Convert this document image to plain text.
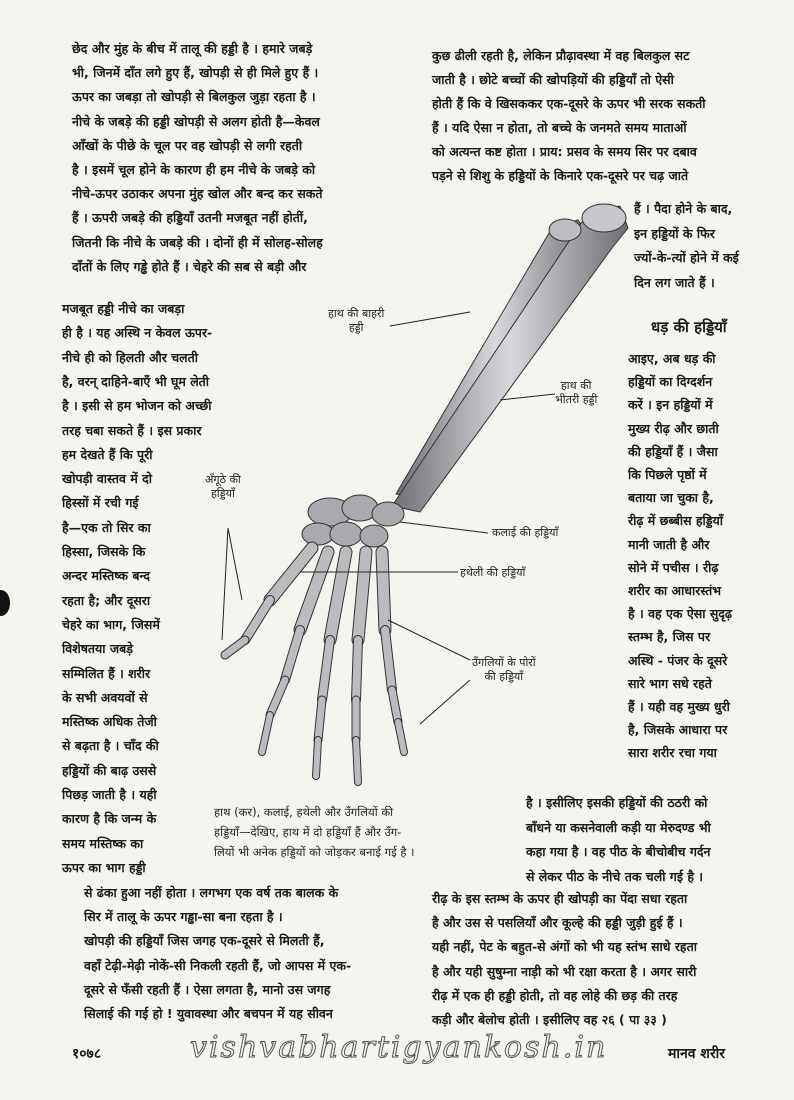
छेद और मुंह के बीच में तालू की हड्डी है । हमारे जबड़े
भी, जिनमें दाँत लगे हुए हैं, खोपड़ी से ही मिले हुए हैं ।
ऊपर का जबड़ा तो खोपड़ी से बिलकुल जुड़ा रहता है ।
नीचे के जबड़े की हड्डी खोपड़ी से अलग होती है—केवल
आँखों के पीछे के चूल पर वह खोपड़ी से लगी रहती
है । इसमें चूल होने के कारण ही हम नीचे के जबड़े को
नीचे-ऊपर उठाकर अपना मुंह खोल और बन्द कर सकते
हैं । ऊपरी जबड़े की हड्डियाँ उतनी मजबूत नहीं होतीं,
जितनी कि नीचे के जबड़े की । दोनों ही में सोलह-सोलह
दाँतों के लिए गड्ढे होते हैं । चेहरे की सब से बड़ी और
मजबूत हड्डी नीचे का जबड़ा
ही है । यह अस्थि न केवल ऊपर-
नीचे ही को हिलती और चलती
है, वरन् दाहिने-बाएँ भी घूम लेती
है । इसी से हम भोजन को अच्छी
तरह चबा सकते हैं । इस प्रकार
हम देखते हैं कि पूरी
खोपड़ी वास्तव में दो
हिस्सों में रची गई
है—एक तो सिर का
हिस्सा, जिसके कि
अन्दर मस्तिष्क बन्द
रहता है; और दूसरा
चेहरे का भाग, जिसमें
विशेषतया जबड़े
सम्मिलित हैं । शरीर
के सभी अवयवों से
मस्तिष्क अधिक तेजी
से बढ़ता है । चाँद की
हड्डियों की बाढ़ उससे
पिछड़ जाती है । यही
कारण है कि जन्म के
समय मस्तिष्क का
ऊपर का भाग हड्डी
से ढंका हुआ नहीं होता । लगभग एक वर्ष तक बालक के
सिर में तालू के ऊपर गड्ढा-सा बना रहता है ।
खोपड़ी की हड्डियाँ जिस जगह एक-दूसरे से मिलती हैं,
वहाँ टेढ़ी-मेढ़ी नोकें-सी निकली रहती हैं, जो आपस में एक-
दूसरे से फँसी रहती हैं । ऐसा लगता है, मानो उस जगह
सिलाई की गई हो ! युवावस्था और बचपन में यह सीवन
कुछ ढीली रहती है, लेकिन प्रौढ़ावस्था में वह बिलकुल सट
जाती है । छोटे बच्चों की खोपड़ियों की हड्डियाँ तो ऐसी
होती हैं कि वे खिसककर एक-दूसरे के ऊपर भी सरक सकती
हैं । यदि ऐसा न होता, तो बच्चे के जनमते समय माताओं
को अत्यन्त कष्ट होता । प्राय: प्रसव के समय सिर पर दबाव
पड़ने से शिशु के हड्डियों के किनारे एक-दूसरे पर चढ़ जाते
हैं । पैदा होने के बाद,
इन हड्डियों के फिर
ज्यों-के-त्यों होने में कई
दिन लग जाते हैं ।
धड़ की हड्डियाँ
आइए, अब धड़ की
हड्डियों का दिग्दर्शन
करें । इन हड्डियों में
मुख्य रीढ़ और छाती
की हड्डियाँ हैं । जैसा
कि पिछले पृष्ठों में
बताया जा चुका है,
रीढ़ में छब्बीस हड्डियाँ
मानी जाती है और
सोने में पचीस । रीढ़
शरीर का आधारस्तंभ
है । वह एक ऐसा सुदृढ़
स्तम्भ है, जिस पर
अस्थि - पंजर के दूसरे
सारे भाग सधे रहते
हैं । यही वह मुख्य धुरी
है, जिसके आधारा पर
सारा शरीर रचा गया
है । इसीलिए इसकी हड्डियों की ठठरी को
बाँधने या कसनेवाली कड़ी या मेरुदण्ड भी
कहा गया है । वह पीठ के बीचोबीच गर्दन
से लेकर पीठ के नीचे तक चली गई है ।
रीढ़ के इस स्तम्भ के ऊपर ही खोपड़ी का पेंदा सधा रहता
है और उस से पसलियाँ और कूल्हे की हड्डी जुड़ी हुई हैं ।
यही नहीं, पेट के बहुत-से अंगों को भी यह स्तंभ साधे रहता
है और यही सुषुम्ना नाड़ी को भी रक्षा करता है । अगर सारी
रीढ़ में एक ही हड्डी होती, तो वह लोहे की छड़ की तरह
कड़ी और बेलोच होती । इसीलिए वह २६ ( पा ३३ )
हाथ की बाहरी
हड्डी
हाथ की
भीतरी हड्डी
अँगूठे की
हड्डियाँ
कलाई की हड्डियाँ
हथेली की हड्डियाँ
उँगलियों के पोरों
की हड्डियाँ
हाथ (कर), कलाई, हथेली और उँगलियों की
हड्डियाँ—देखिए, हाथ में दो हड्डियाँ हैं और उँग-
लियों भी अनेक हड्डियों को जोड़कर बनाई गई है ।
१०७८	vishvabhartigyankosh.in	मानव शरीर
